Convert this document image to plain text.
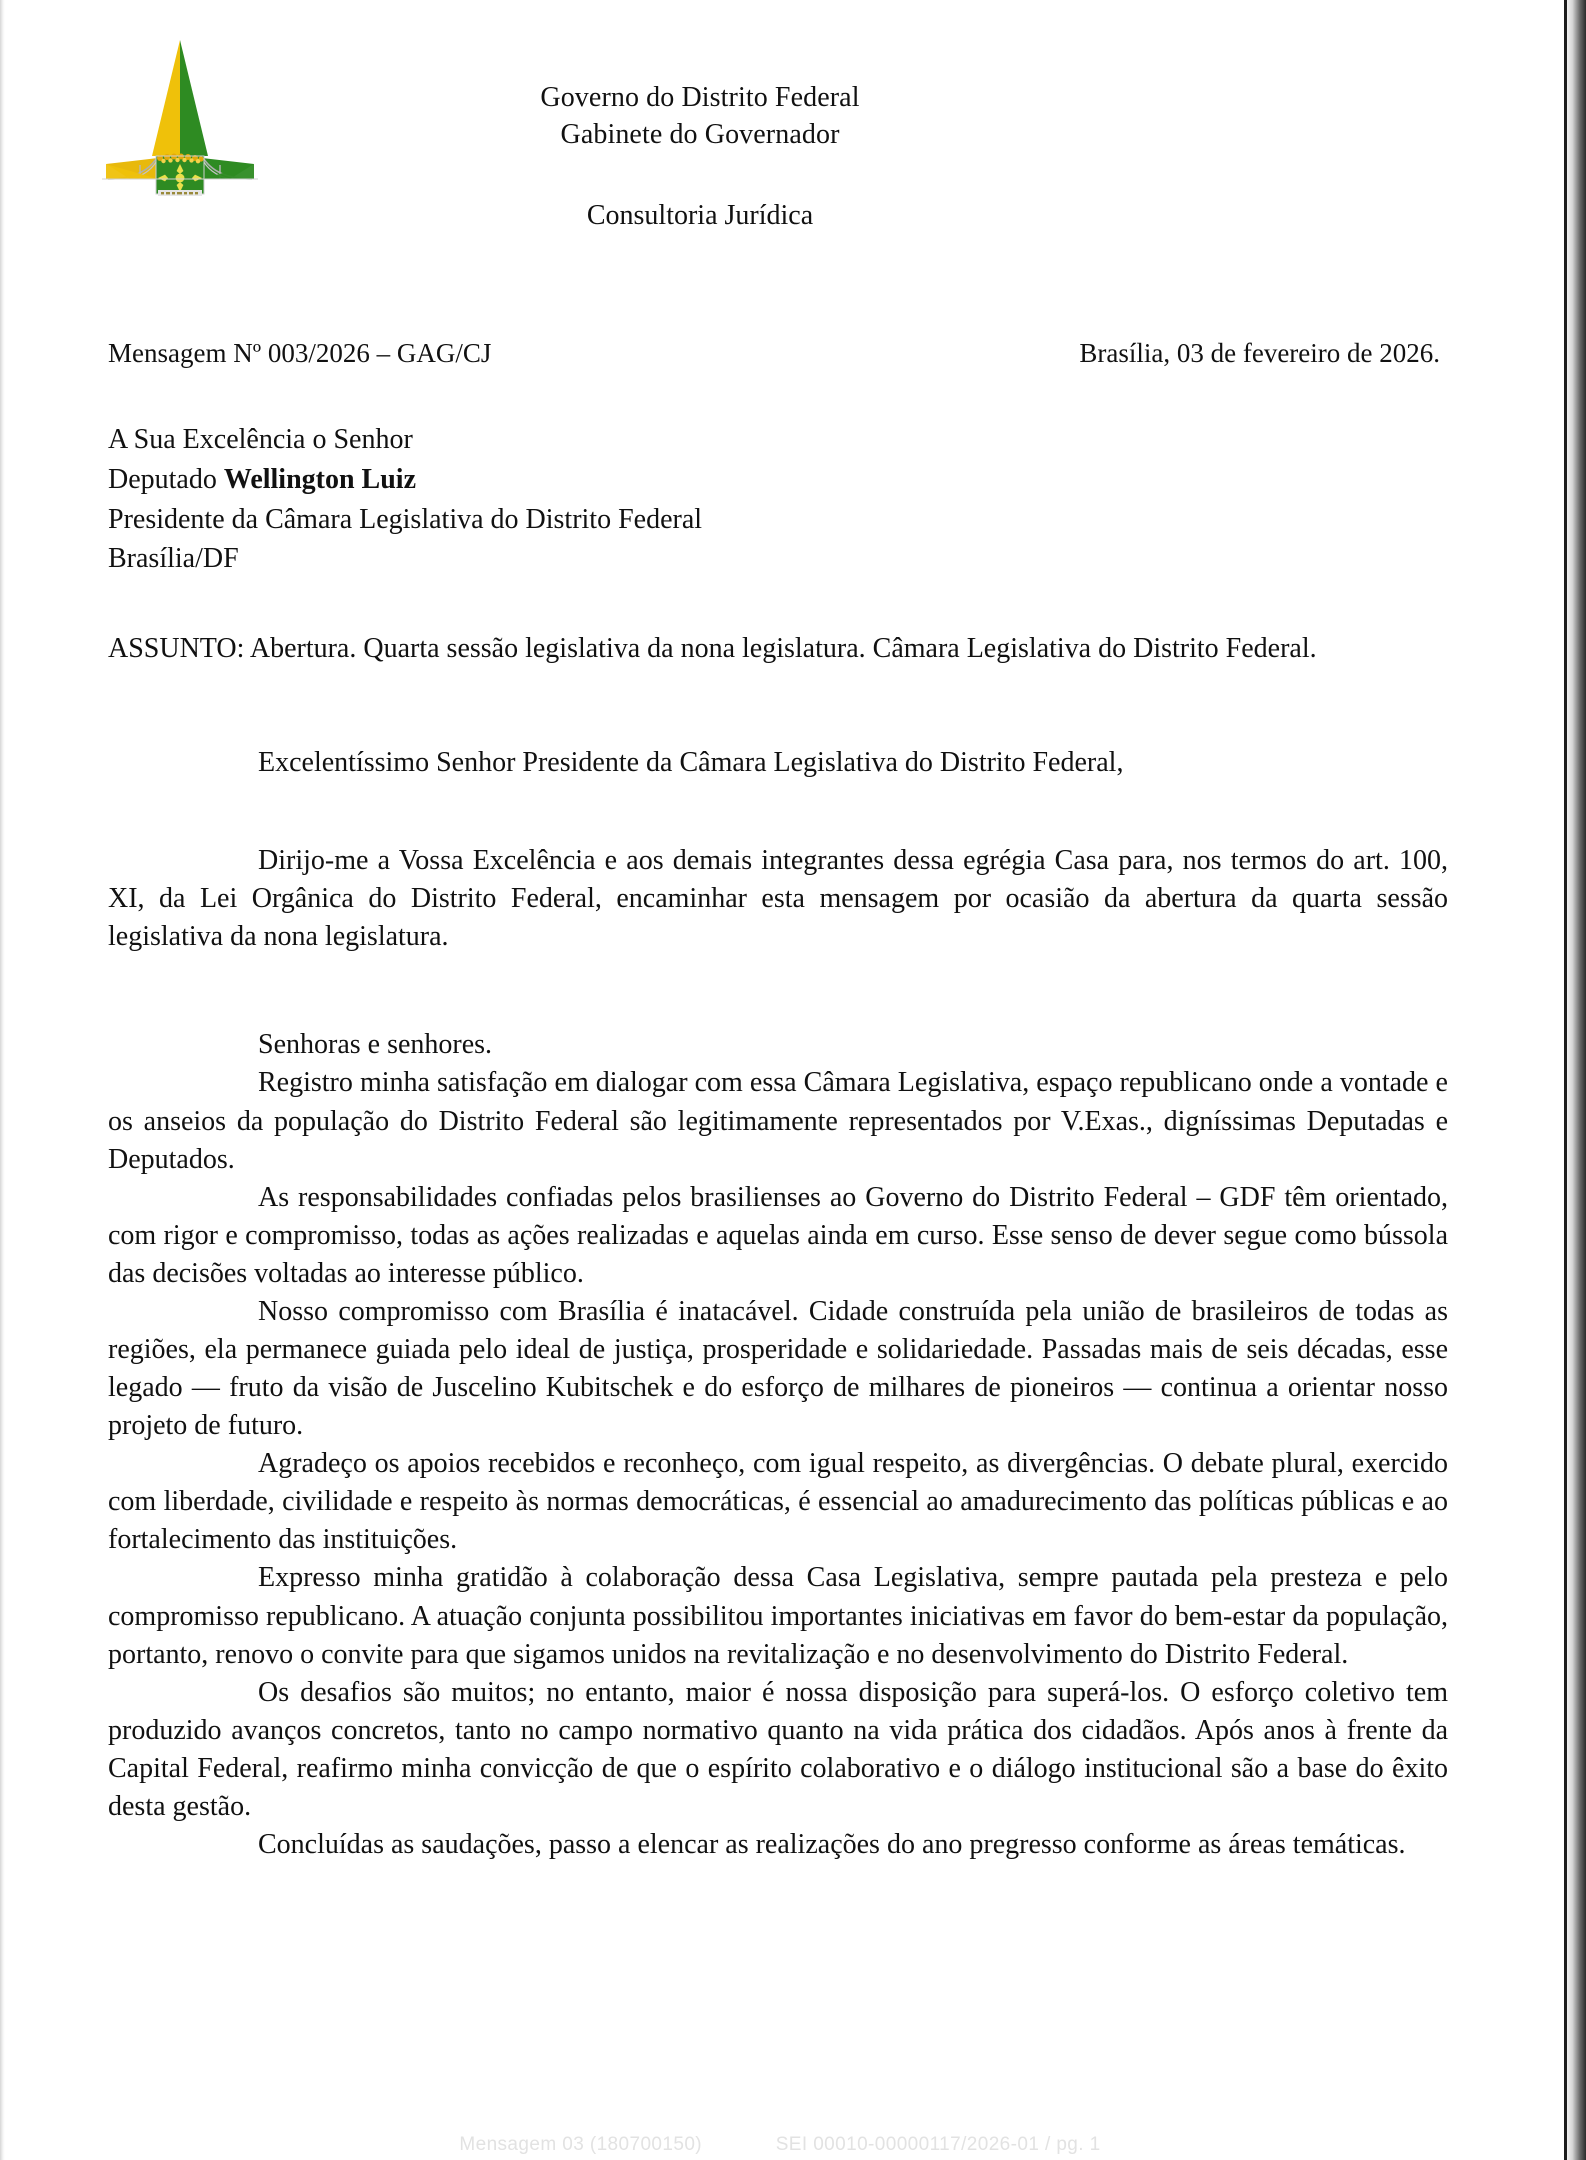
Governo do Distrito Federal
Gabinete do Governador
Consultoria Jurídica
Mensagem Nº 003/2026 – GAG/CJ	Brasília, 03 de fevereiro de 2026.
A Sua Excelência o Senhor
Deputado Wellington Luiz
Presidente da Câmara Legislativa do Distrito Federal
Brasília/DF

ASSUNTO: Abertura. Quarta sessão legislativa da nona legislatura. Câmara Legislativa do Distrito Federal.

Excelentíssimo Senhor Presidente da Câmara Legislativa do Distrito Federal,

Dirijo-me a Vossa Excelência e aos demais integrantes dessa egrégia Casa para, nos termos do art. 100, XI, da Lei Orgânica do Distrito Federal, encaminhar esta mensagem por ocasião da abertura da quarta sessão legislativa da nona legislatura.

Senhoras e senhores.

Registro minha satisfação em dialogar com essa Câmara Legislativa, espaço republicano onde a vontade e os anseios da população do Distrito Federal são legitimamente representados por V.Exas., digníssimas Deputadas e Deputados.

As responsabilidades confiadas pelos brasilienses ao Governo do Distrito Federal – GDF têm orientado, com rigor e compromisso, todas as ações realizadas e aquelas ainda em curso. Esse senso de dever segue como bússola das decisões voltadas ao interesse público.

Nosso compromisso com Brasília é inatacável. Cidade construída pela união de brasileiros de todas as regiões, ela permanece guiada pelo ideal de justiça, prosperidade e solidariedade. Passadas mais de seis décadas, esse legado — fruto da visão de Juscelino Kubitschek e do esforço de milhares de pioneiros — continua a orientar nosso projeto de futuro.

Agradeço os apoios recebidos e reconheço, com igual respeito, as divergências. O debate plural, exercido com liberdade, civilidade e respeito às normas democráticas, é essencial ao amadurecimento das políticas públicas e ao fortalecimento das instituições.

Expresso minha gratidão à colaboração dessa Casa Legislativa, sempre pautada pela presteza e pelo compromisso republicano. A atuação conjunta possibilitou importantes iniciativas em favor do bem-estar da população, portanto, renovo o convite para que sigamos unidos na revitalização e no desenvolvimento do Distrito Federal.

Os desafios são muitos; no entanto, maior é nossa disposição para superá-los. O esforço coletivo tem produzido avanços concretos, tanto no campo normativo quanto na vida prática dos cidadãos. Após anos à frente da Capital Federal, reafirmo minha convicção de que o espírito colaborativo e o diálogo institucional são a base do êxito desta gestão.

Concluídas as saudações, passo a elencar as realizações do ano pregresso conforme as áreas temáticas.

Mensagem 03 (180700150)	SEI 00010-00000117/2026-01 / pg. 1
